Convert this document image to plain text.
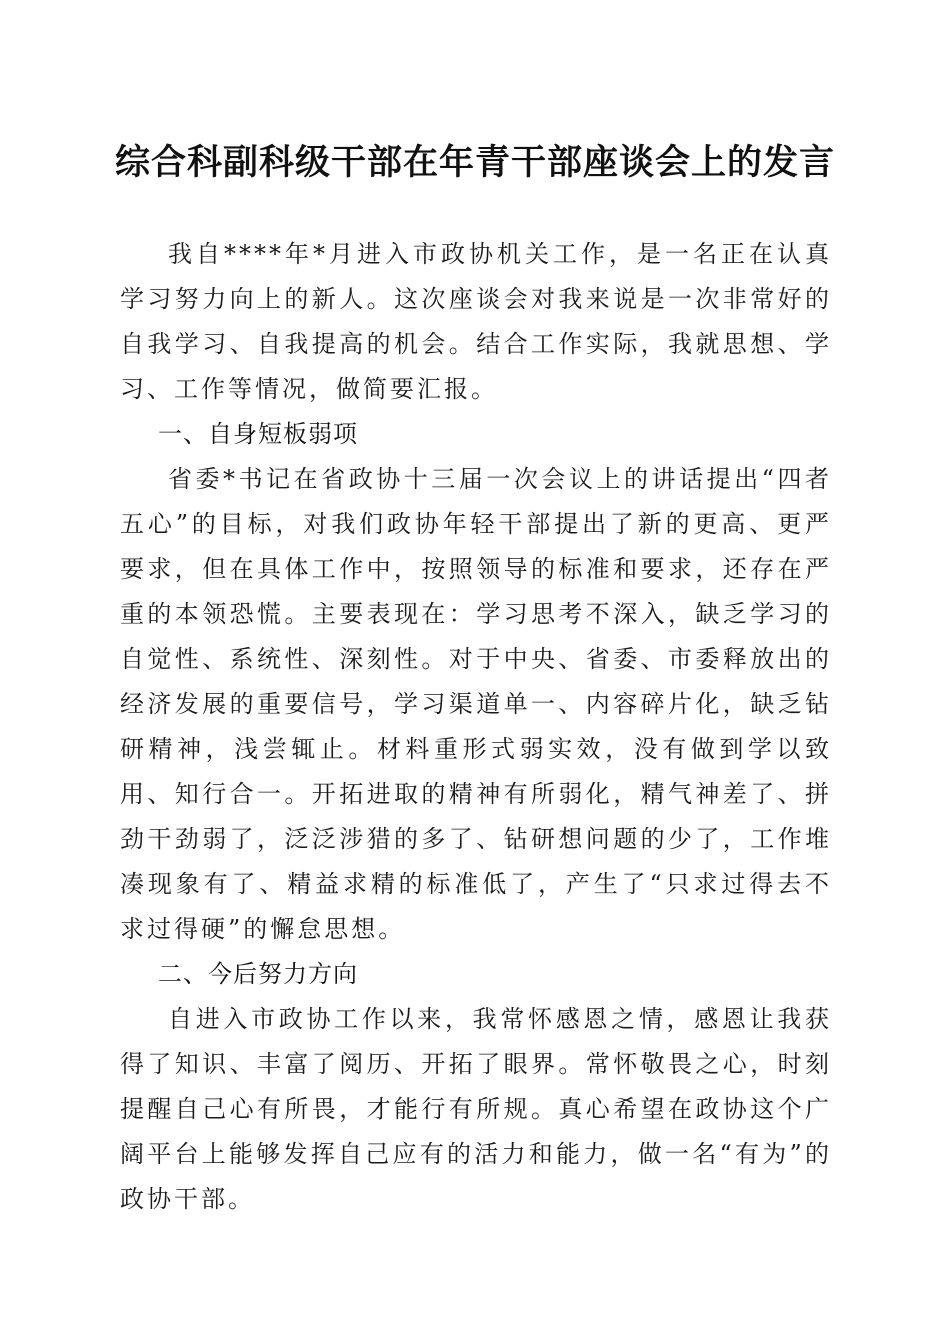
综合科副科级干部在年青干部座谈会上的发言

我自****年*月进入市政协机关工作，是一名正在认真学习努力向上的新人。这次座谈会对我来说是一次非常好的自我学习、自我提高的机会。结合工作实际，我就思想、学习、工作等情况，做简要汇报。

一、自身短板弱项

省委*书记在省政协十三届一次会议上的讲话提出“四者五心”的目标，对我们政协年轻干部提出了新的更高、更严要求，但在具体工作中，按照领导的标准和要求，还存在严重的本领恐慌。主要表现在：学习思考不深入，缺乏学习的自觉性、系统性、深刻性。对于中央、省委、市委释放出的经济发展的重要信号，学习渠道单一、内容碎片化，缺乏钻研精神，浅尝辄止。材料重形式弱实效，没有做到学以致用、知行合一。开拓进取的精神有所弱化，精气神差了、拼劲干劲弱了，泛泛涉猎的多了、钻研想问题的少了，工作堆凑现象有了、精益求精的标准低了，产生了“只求过得去不求过得硬”的懈怠思想。

二、今后努力方向

自进入市政协工作以来，我常怀感恩之情，感恩让我获得了知识、丰富了阅历、开拓了眼界。常怀敬畏之心，时刻提醒自己心有所畏，才能行有所规。真心希望在政协这个广阔平台上能够发挥自己应有的活力和能力，做一名“有为”的政协干部。
